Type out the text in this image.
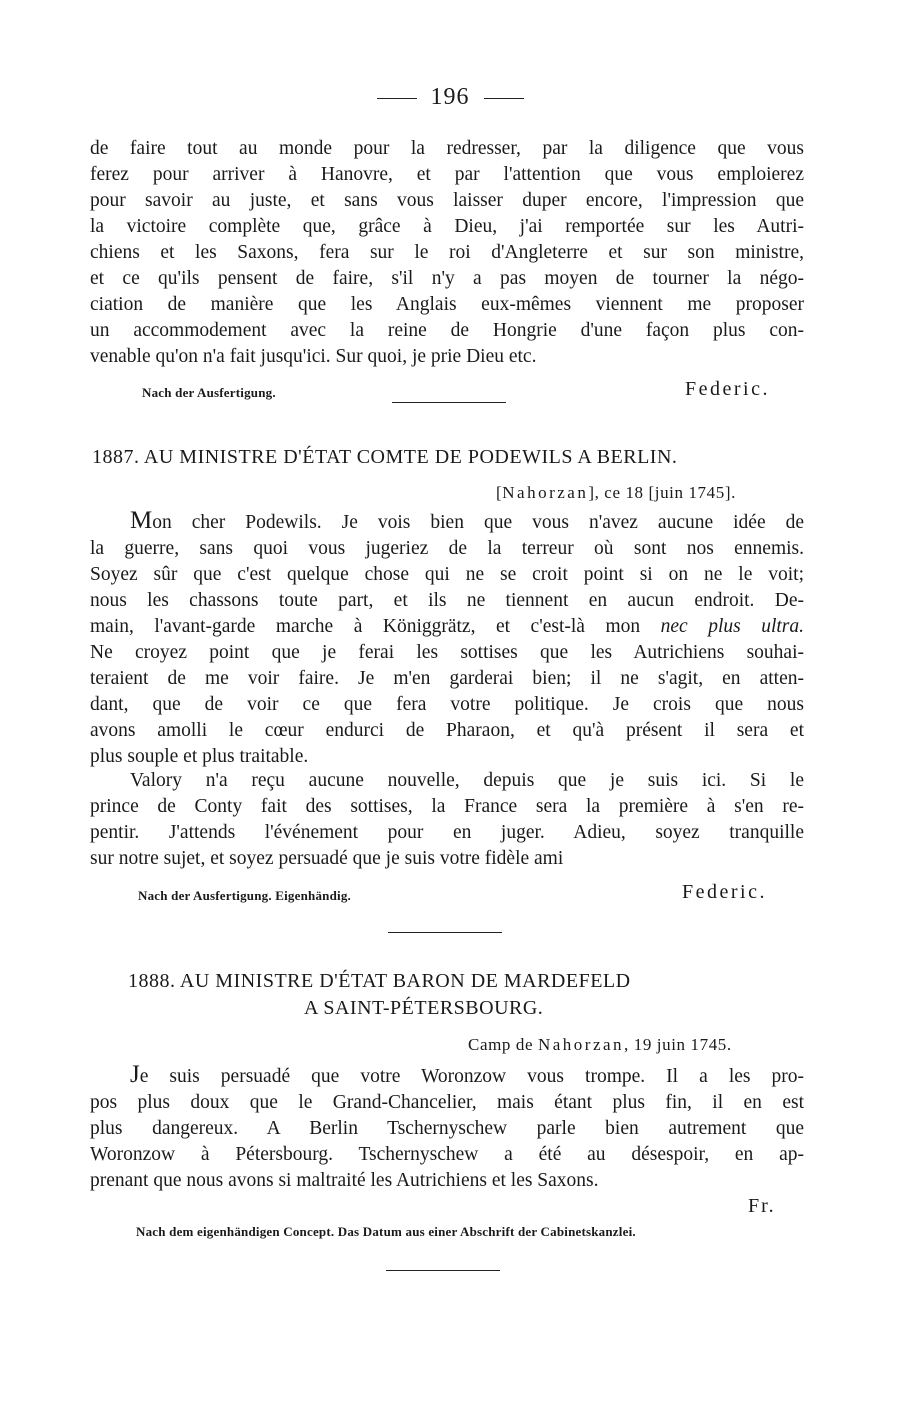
196
de faire tout au monde pour la redresser, par la diligence que vous
ferez pour arriver à Hanovre, et par l'attention que vous emploierez
pour savoir au juste, et sans vous laisser duper encore, l'impression que
la victoire complète que, grâce à Dieu, j'ai remportée sur les Autri-
chiens et les Saxons, fera sur le roi d'Angleterre et sur son ministre,
et ce qu'ils pensent de faire, s'il n'y a pas moyen de tourner la négo-
ciation de manière que les Anglais eux-mêmes viennent me proposer
un accommodement avec la reine de Hongrie d'une façon plus con-
venable qu'on n'a fait jusqu'ici. Sur quoi, je prie Dieu etc.
Nach der Ausfertigung.	Federic.
1887. AU MINISTRE D'ÉTAT COMTE DE PODEWILS A BERLIN.
[Nahorzan], ce 18 [juin 1745].
Mon cher Podewils. Je vois bien que vous n'avez aucune idée de
la guerre, sans quoi vous jugeriez de la terreur où sont nos ennemis.
Soyez sûr que c'est quelque chose qui ne se croit point si on ne le voit;
nous les chassons toute part, et ils ne tiennent en aucun endroit. De-
main, l'avant-garde marche à Königgrätz, et c'est-là mon nec plus ultra.
Ne croyez point que je ferai les sottises que les Autrichiens souhai-
teraient de me voir faire. Je m'en garderai bien; il ne s'agit, en atten-
dant, que de voir ce que fera votre politique. Je crois que nous
avons amolli le cœur endurci de Pharaon, et qu'à présent il sera et
plus souple et plus traitable.
Valory n'a reçu aucune nouvelle, depuis que je suis ici. Si le
prince de Conty fait des sottises, la France sera la première à s'en re-
pentir. J'attends l'événement pour en juger. Adieu, soyez tranquille
sur notre sujet, et soyez persuadé que je suis votre fidèle ami
Nach der Ausfertigung. Eigenhändig.	Federic.
1888. AU MINISTRE D'ÉTAT BARON DE MARDEFELD
A SAINT-PÉTERSBOURG.
Camp de Nahorzan, 19 juin 1745.
Je suis persuadé que votre Woronzow vous trompe. Il a les pro-
pos plus doux que le Grand-Chancelier, mais étant plus fin, il en est
plus dangereux. A Berlin Tschernyschew parle bien autrement que
Woronzow à Pétersbourg. Tschernyschew a été au désespoir, en ap-
prenant que nous avons si maltraité les Autrichiens et les Saxons.
Fr.
Nach dem eigenhändigen Concept. Das Datum aus einer Abschrift der Cabinetskanzlei.
